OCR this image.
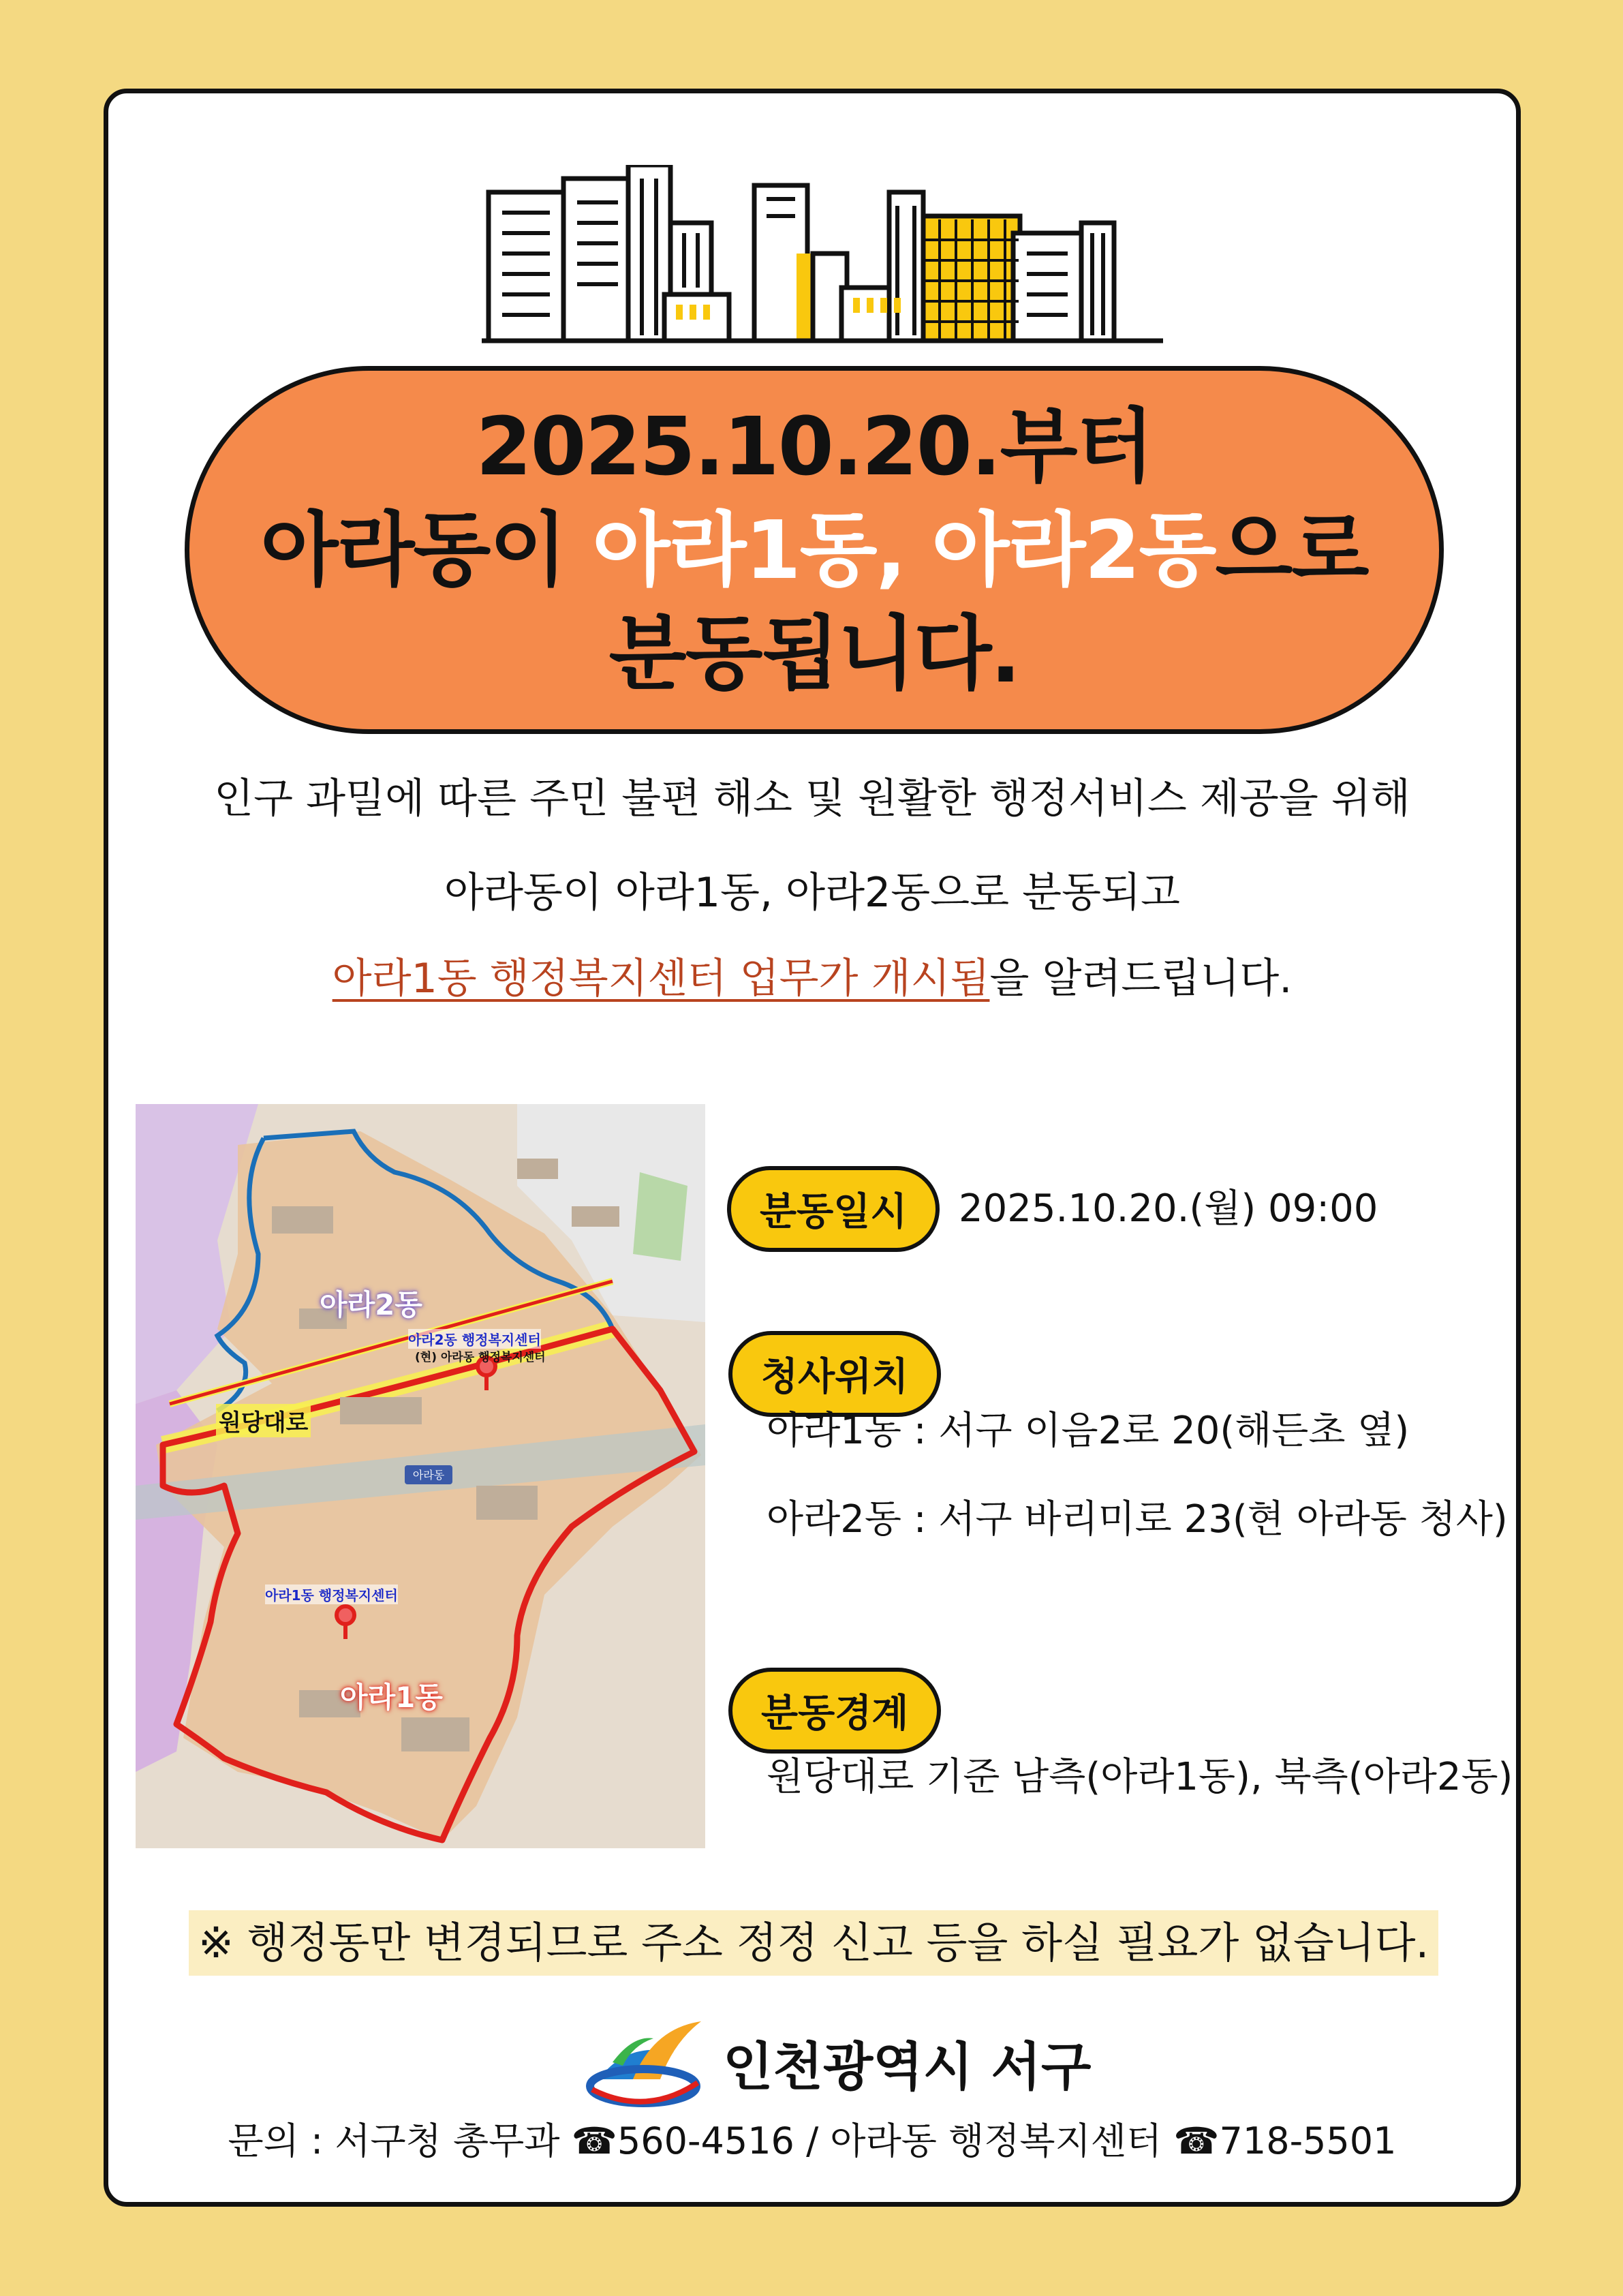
2025.10.20.부터
아라동이 아라1동, 아라2동으로
분동됩니다.
인구 과밀에 따른 주민 불편 해소 및 원활한 행정서비스 제공을 위해
아라동이 아라1동, 아라2동으로 분동되고
아라1동 행정복지센터 업무가 개시됨을 알려드립니다.
아라동
아라2동
아라1동
원당대로
아라2동 행정복지센터
(현) 아라동 행정복지센터
아라1동 행정복지센터
분동일시	2025.10.20.(월) 09:00
청사위치
아라1동 : 서구 이음2로 20(해든초 옆)
아라2동 : 서구 바리미로 23(현 아라동 청사)
분동경계
원당대로 기준 남측(아라1동), 북측(아라2동)
※ 행정동만 변경되므로 주소 정정 신고 등을 하실 필요가 없습니다.
인천광역시 서구
문의 : 서구청 총무과 ☎560-4516 / 아라동 행정복지센터 ☎718-5501
